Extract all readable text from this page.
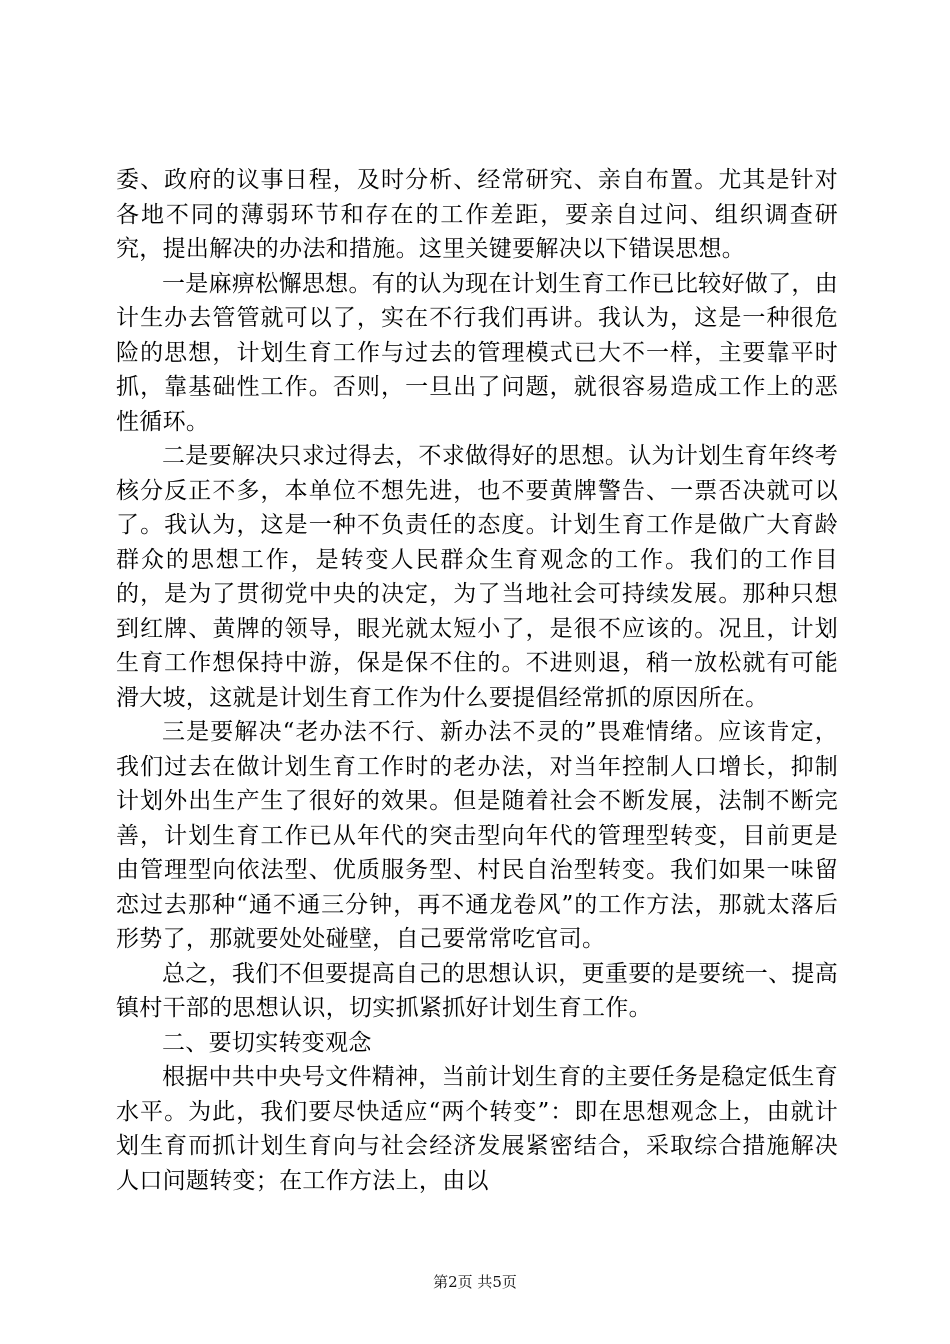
委、政府的议事日程，及时分析、经常研究、亲自布置。尤其是针对各地不同的薄弱环节和存在的工作差距，要亲自过问、组织调查研究，提出解决的办法和措施。这里关键要解决以下错误思想。

一是麻痹松懈思想。有的认为现在计划生育工作已比较好做了，由计生办去管管就可以了，实在不行我们再讲。我认为，这是一种很危险的思想，计划生育工作与过去的管理模式已大不一样，主要靠平时抓，靠基础性工作。否则，一旦出了问题，就很容易造成工作上的恶性循环。

二是要解决只求过得去，不求做得好的思想。认为计划生育年终考核分反正不多，本单位不想先进，也不要黄牌警告、一票否决就可以了。我认为，这是一种不负责任的态度。计划生育工作是做广大育龄群众的思想工作，是转变人民群众生育观念的工作。我们的工作目的，是为了贯彻党中央的决定，为了当地社会可持续发展。那种只想到红牌、黄牌的领导，眼光就太短小了，是很不应该的。况且，计划生育工作想保持中游，保是保不住的。不进则退，稍一放松就有可能滑大坡，这就是计划生育工作为什么要提倡经常抓的原因所在。

三是要解决“老办法不行、新办法不灵的”畏难情绪。应该肯定，我们过去在做计划生育工作时的老办法，对当年控制人口增长，抑制计划外出生产生了很好的效果。但是随着社会不断发展，法制不断完善，计划生育工作已从年代的突击型向年代的管理型转变，目前更是由管理型向依法型、优质服务型、村民自治型转变。我们如果一味留恋过去那种“通不通三分钟，再不通龙卷风”的工作方法，那就太落后形势了，那就要处处碰壁，自己要常常吃官司。

总之，我们不但要提高自己的思想认识，更重要的是要统一、提高镇村干部的思想认识，切实抓紧抓好计划生育工作。

二、要切实转变观念

根据中共中央号文件精神，当前计划生育的主要任务是稳定低生育水平。为此，我们要尽快适应“两个转变”：即在思想观念上，由就计划生育而抓计划生育向与社会经济发展紧密结合，采取综合措施解决人口问题转变；在工作方法上，由以

第2页 共5页
